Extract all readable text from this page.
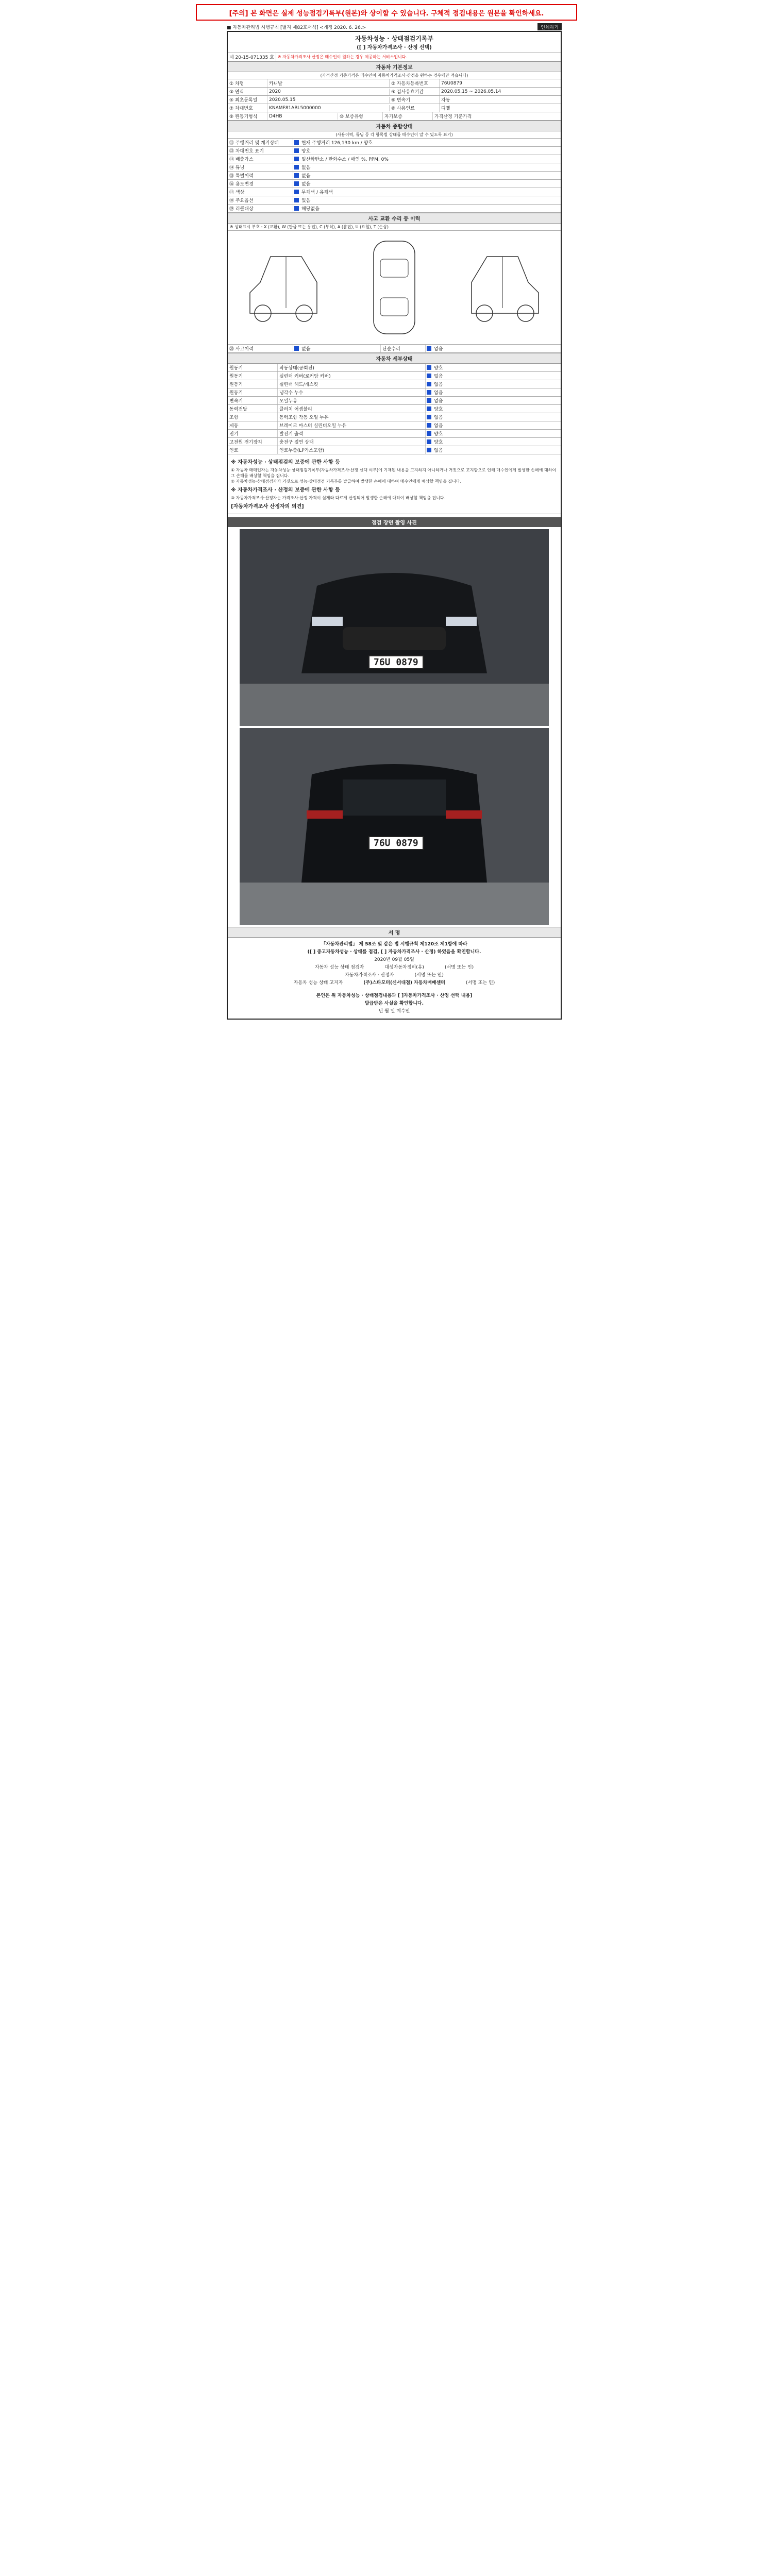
[주의] 본 화면은 실제 성능점검기록부(원본)와 상이할 수 있습니다. 구체적 점검내용은 원본을 확인하세요.
■ 자동차관리법 시행규칙 [별지 제82호서식] <개정 2020. 6. 26.>	인쇄하기
자동차성능 · 상태점검기록부
([ ] 자동차가격조사 · 산정 선택)
제 20-15-071335 호 ※ 자동차가격조사 산정은 매수인이 원하는 경우 제공하는 서비스입니다.
자동차 기본정보
(가격산정 기준가격은 매수인이 자동차가격조사·산정을 원하는 경우에만 적습니다)
① 차명	카니발	② 자동차등록번호	76U0879
③ 연식	2020	④ 검사유효기간	2020.05.15 ~ 2026.05.14
⑤ 최초등록일	2020.05.15	⑥ 변속기	자동
⑦ 차대번호	KNAMF81ABL5000000	⑧ 사용연료	디젤
⑨ 원동기형식	D4HB	⑩ 보증유형	자가보증	가격산정 기준가격
자동차 종합상태
(사용이력, 튜닝 등 각 항목별 상태를 매수인이 알 수 있도록 표기)
⑪ 주행거리 및 계기상태	현재 주행거리 126,130 km / 양호
⑫ 차대번호 표기	양호
⑬ 배출가스	일산화탄소 / 탄화수소 / 매연 %, PPM, 0%
⑭ 튜닝	없음
⑮ 특별이력	없음
⑯ 용도변경	없음
⑰ 색상	무채색 / 유채색
⑱ 주요옵션	있음
⑲ 리콜대상	해당없음
사고 교환 수리 등 이력
※ 상태표시 부호 : X (교환), W (판금 또는 용접), C (부식), A (흠집), U (요철), T (손상)
⑳ 사고이력	없음	단순수리	없음
자동차 세부상태
원동기	작동상태(공회전)	양호
원동기	실린더 커버(로커암 커버)	없음
원동기	실린더 헤드/개스킷	없음
원동기	냉각수 누수	없음
변속기	오일누유	없음
동력전달	클러치 어셈블리	양호
조향	동력조향 작동 오일 누유	없음
제동	브레이크 마스터 실린더오일 누유	없음
전기	발전기 출력	양호
고전원 전기장치	충전구 절연 상태	양호
연료	연료누출(LP가스포함)	없음
※ 자동차성능 · 상태점검의 보증에 관한 사항 등
① 자동차 매매업자는 자동차성능·상태점검기록부(자동차가격조사·산정 선택 여부)에 기재된 내용을 고지하지 아니하거나 거짓으로 고지함으로 인해 매수인에게 발생한 손해에 대하여 그 손해를 배상할 책임을 집니다.
② 자동차성능·상태점검자가 거짓으로 성능·상태점검 기록부를 발급하여 발생한 손해에 대하여 매수인에게 배상할 책임을 집니다.
※ 자동차가격조사 · 산정의 보증에 관한 사항 등
③ 자동차가격조사·산정자는 가격조사·산정 가격이 실제와 다르게 산정되어 발생한 손해에 대하여 배상할 책임을 집니다.
[자동차가격조사 산정자의 의견]
점검 장면 촬영 사진
76U 0879
76U 0879
서 명
「자동차관리법」 제 58조 및 같은 법 시행규칙 제120조 제1항에 따라
([ ] 중고자동차성능 · 상태를 점검, [ ] 자동차가격조사 · 산정) 하였음을 확인합니다.
2020년 09월 05일
자동차 성능 상태 점검자	대성자동차정비(유)	(서명 또는 인)
자동차가격조사 · 산정자	(서명 또는 인)
자동차 성능 상태 고지자	(주)스타모터(신서대점) 자동차매매센터	(서명 또는 인)
본인은 위 자동차성능 · 상태점검내용과 [ ]자동차가격조사 · 산정 선택 내용]
발급받은 사실을 확인합니다.
년 월 일 매수인
